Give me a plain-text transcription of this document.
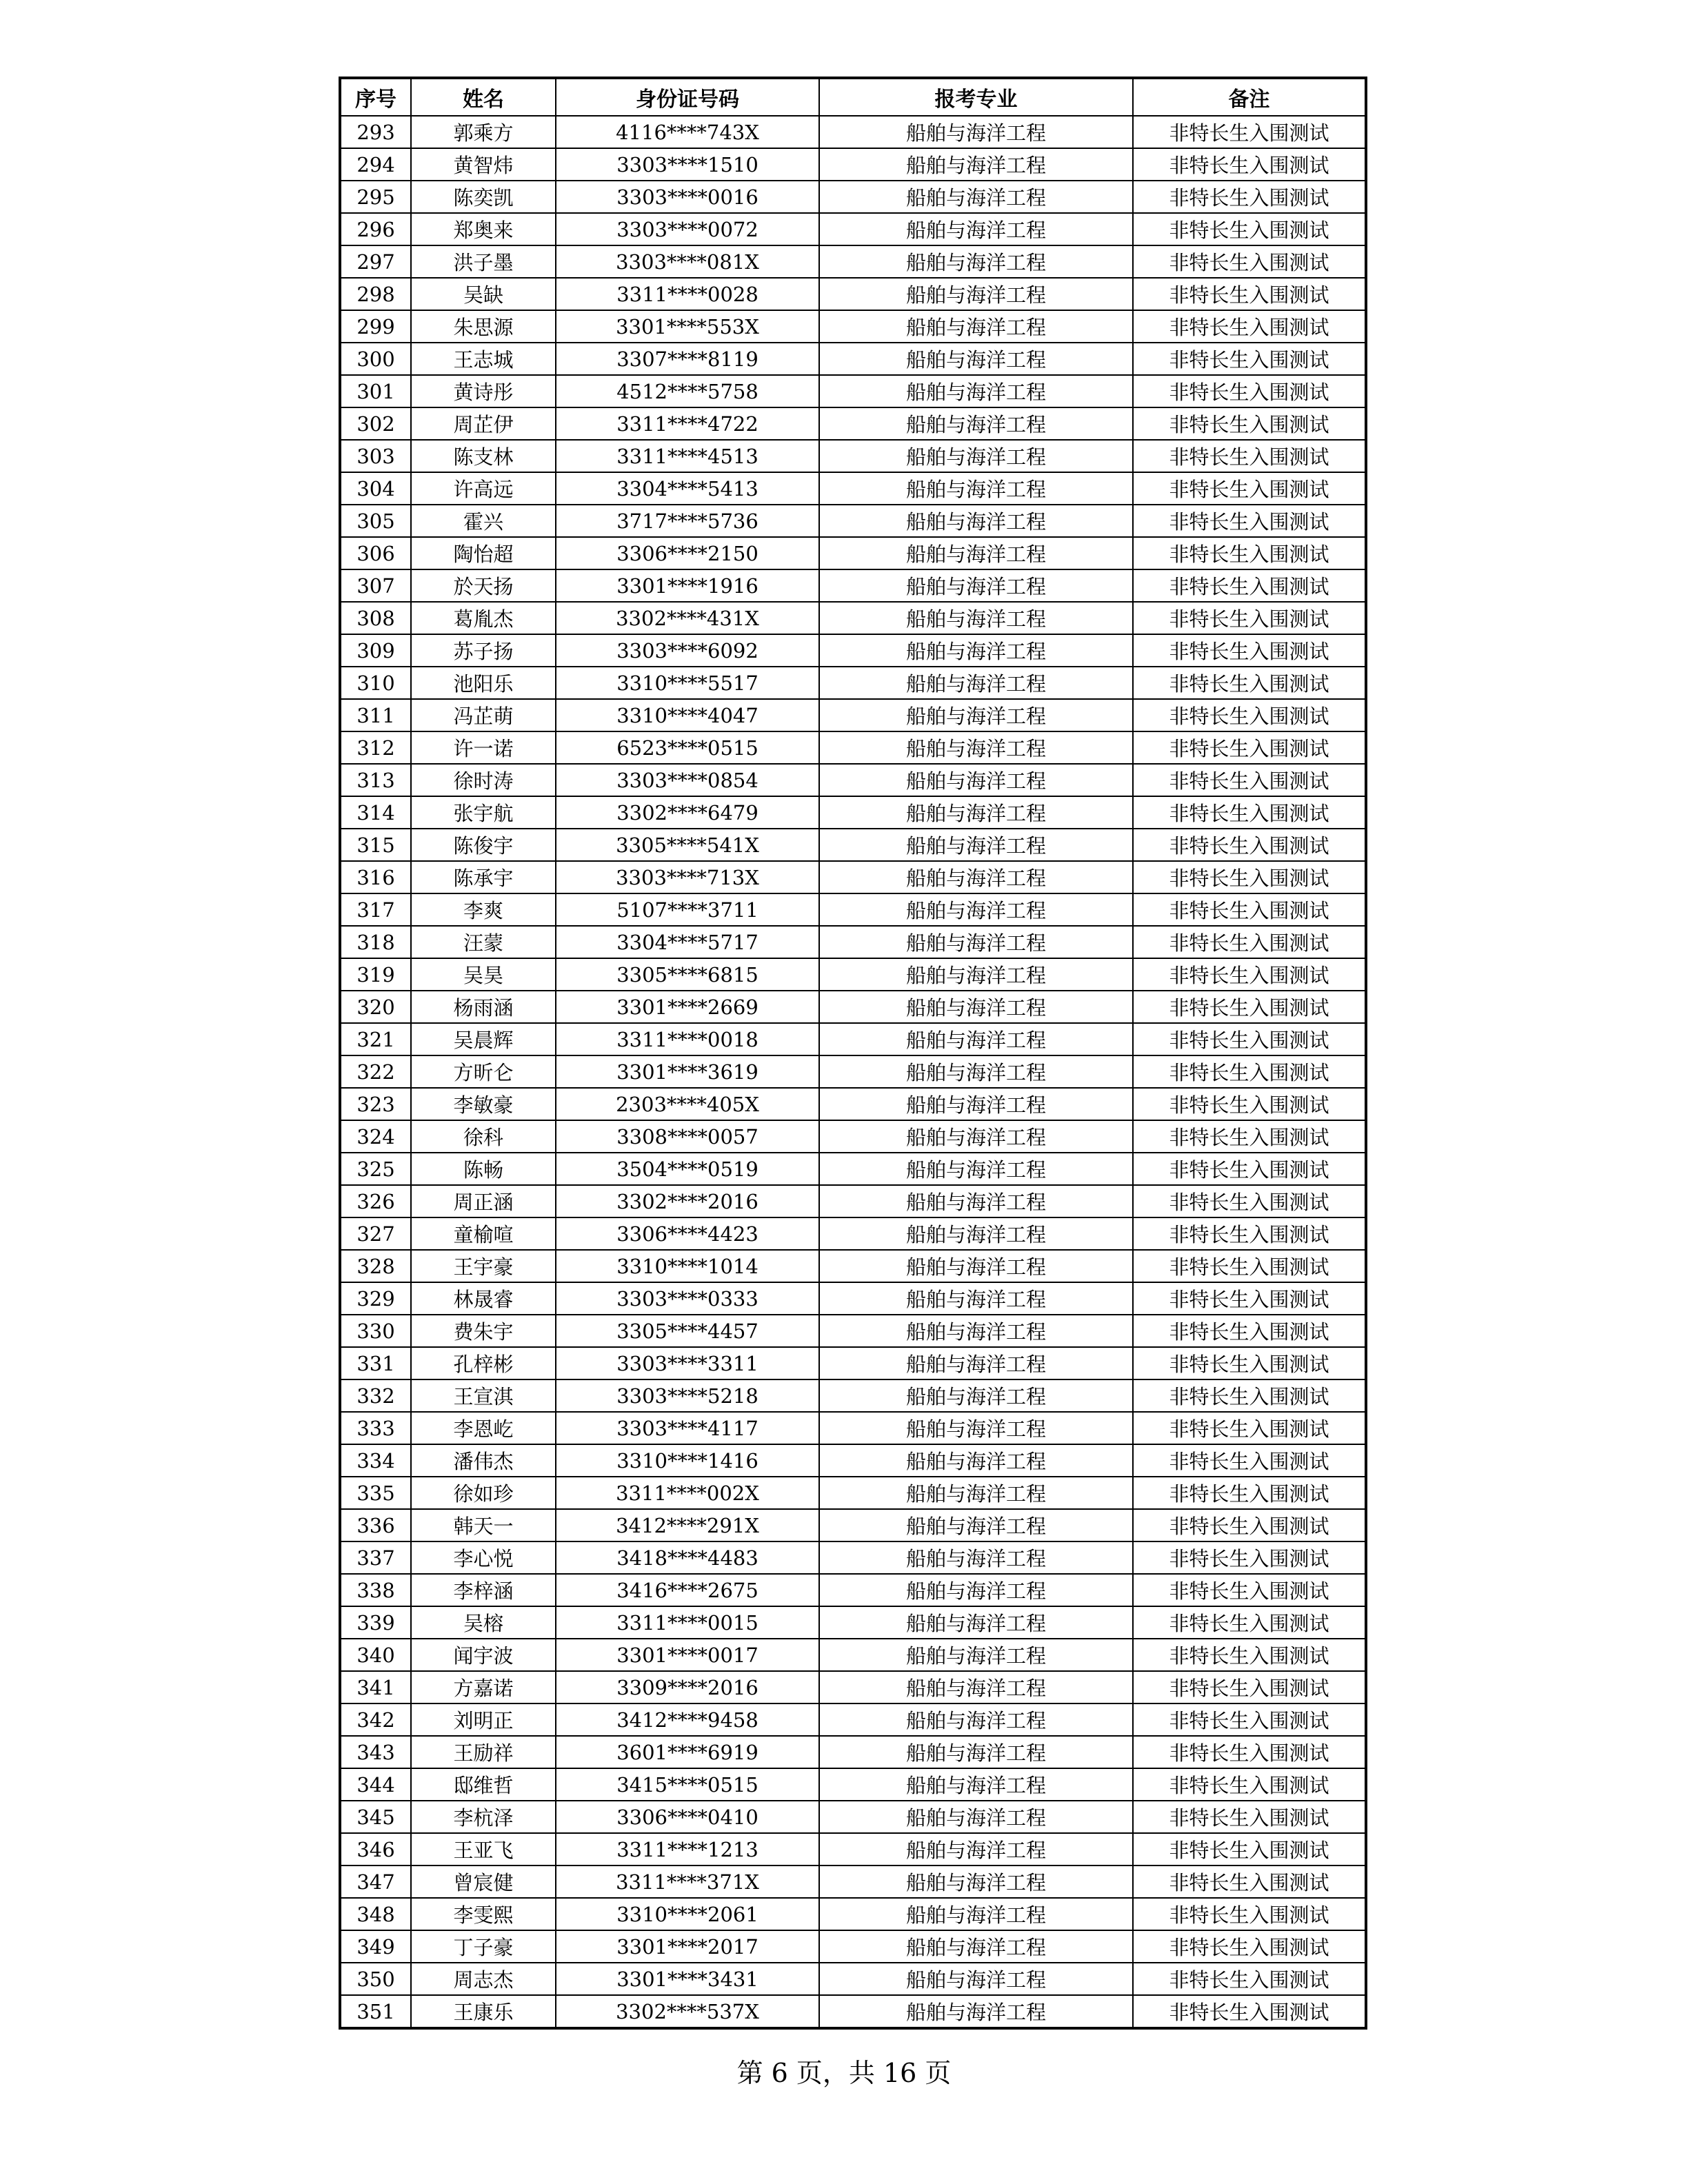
序号	姓名	身份证号码	报考专业	备注
293	郭乘方	4116****743X	船舶与海洋工程	非特长生入围测试
294	黄智炜	3303****1510	船舶与海洋工程	非特长生入围测试
295	陈奕凯	3303****0016	船舶与海洋工程	非特长生入围测试
296	郑奥来	3303****0072	船舶与海洋工程	非特长生入围测试
297	洪子墨	3303****081X	船舶与海洋工程	非特长生入围测试
298	吴缺	3311****0028	船舶与海洋工程	非特长生入围测试
299	朱思源	3301****553X	船舶与海洋工程	非特长生入围测试
300	王志城	3307****8119	船舶与海洋工程	非特长生入围测试
301	黄诗彤	4512****5758	船舶与海洋工程	非特长生入围测试
302	周芷伊	3311****4722	船舶与海洋工程	非特长生入围测试
303	陈支林	3311****4513	船舶与海洋工程	非特长生入围测试
304	许高远	3304****5413	船舶与海洋工程	非特长生入围测试
305	霍兴	3717****5736	船舶与海洋工程	非特长生入围测试
306	陶怡超	3306****2150	船舶与海洋工程	非特长生入围测试
307	於天扬	3301****1916	船舶与海洋工程	非特长生入围测试
308	葛胤杰	3302****431X	船舶与海洋工程	非特长生入围测试
309	苏子扬	3303****6092	船舶与海洋工程	非特长生入围测试
310	池阳乐	3310****5517	船舶与海洋工程	非特长生入围测试
311	冯芷萌	3310****4047	船舶与海洋工程	非特长生入围测试
312	许一诺	6523****0515	船舶与海洋工程	非特长生入围测试
313	徐时涛	3303****0854	船舶与海洋工程	非特长生入围测试
314	张宇航	3302****6479	船舶与海洋工程	非特长生入围测试
315	陈俊宇	3305****541X	船舶与海洋工程	非特长生入围测试
316	陈承宇	3303****713X	船舶与海洋工程	非特长生入围测试
317	李爽	5107****3711	船舶与海洋工程	非特长生入围测试
318	汪蒙	3304****5717	船舶与海洋工程	非特长生入围测试
319	吴昊	3305****6815	船舶与海洋工程	非特长生入围测试
320	杨雨涵	3301****2669	船舶与海洋工程	非特长生入围测试
321	吴晨辉	3311****0018	船舶与海洋工程	非特长生入围测试
322	方昕仑	3301****3619	船舶与海洋工程	非特长生入围测试
323	李敏豪	2303****405X	船舶与海洋工程	非特长生入围测试
324	徐科	3308****0057	船舶与海洋工程	非特长生入围测试
325	陈畅	3504****0519	船舶与海洋工程	非特长生入围测试
326	周正涵	3302****2016	船舶与海洋工程	非特长生入围测试
327	童榆喧	3306****4423	船舶与海洋工程	非特长生入围测试
328	王宇豪	3310****1014	船舶与海洋工程	非特长生入围测试
329	林晟睿	3303****0333	船舶与海洋工程	非特长生入围测试
330	费朱宇	3305****4457	船舶与海洋工程	非特长生入围测试
331	孔梓彬	3303****3311	船舶与海洋工程	非特长生入围测试
332	王宣淇	3303****5218	船舶与海洋工程	非特长生入围测试
333	李恩屹	3303****4117	船舶与海洋工程	非特长生入围测试
334	潘伟杰	3310****1416	船舶与海洋工程	非特长生入围测试
335	徐如珍	3311****002X	船舶与海洋工程	非特长生入围测试
336	韩天一	3412****291X	船舶与海洋工程	非特长生入围测试
337	李心悦	3418****4483	船舶与海洋工程	非特长生入围测试
338	李梓涵	3416****2675	船舶与海洋工程	非特长生入围测试
339	吴榕	3311****0015	船舶与海洋工程	非特长生入围测试
340	闻宇波	3301****0017	船舶与海洋工程	非特长生入围测试
341	方嘉诺	3309****2016	船舶与海洋工程	非特长生入围测试
342	刘明正	3412****9458	船舶与海洋工程	非特长生入围测试
343	王励祥	3601****6919	船舶与海洋工程	非特长生入围测试
344	邸维哲	3415****0515	船舶与海洋工程	非特长生入围测试
345	李杭泽	3306****0410	船舶与海洋工程	非特长生入围测试
346	王亚飞	3311****1213	船舶与海洋工程	非特长生入围测试
347	曾宸健	3311****371X	船舶与海洋工程	非特长生入围测试
348	李雯熙	3310****2061	船舶与海洋工程	非特长生入围测试
349	丁子豪	3301****2017	船舶与海洋工程	非特长生入围测试
350	周志杰	3301****3431	船舶与海洋工程	非特长生入围测试
351	王康乐	3302****537X	船舶与海洋工程	非特长生入围测试
第 6 页，共 16 页
